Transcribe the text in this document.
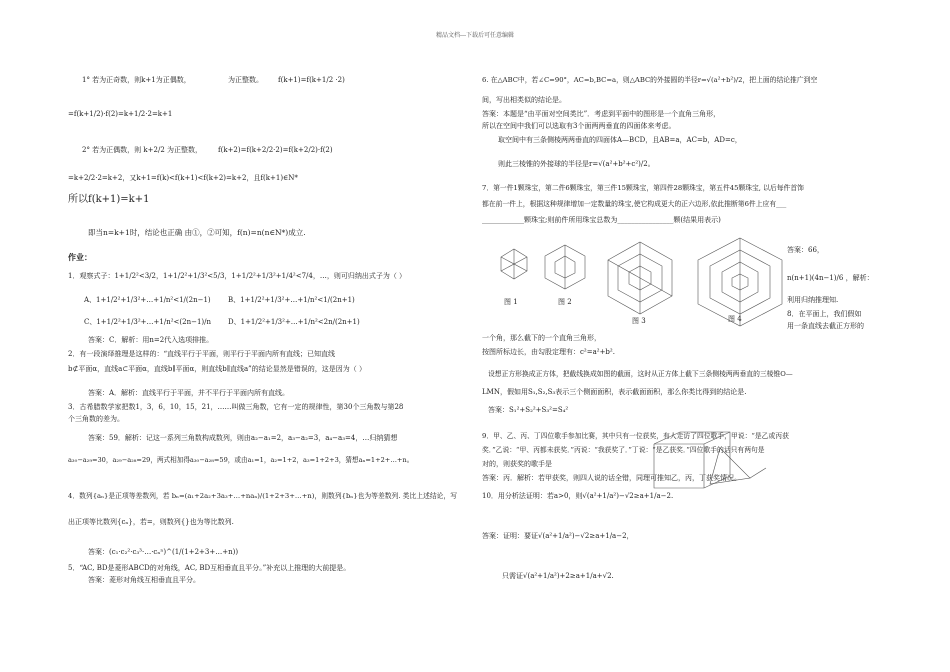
精品文档---下载后可任意编辑
1° 若为正奇数，则k+1为正偶数，	为正整数。 f(k+1)=f(k+1/2 ·2)
=f(k+1/2)·f(2)=k+1/2·2=k+1
2° 若为正偶数，则 k+2/2 为正整数， f(k+2)=f(k+2/2·2)=f(k+2/2)·f(2)
=k+2/2·2=k+2，又k+1=f(k)<f(k+1)<f(k+2)=k+2，且f(k+1)∈N*
所以f(k+1)=k+1
即当n=k+1时，结论也正确 由①，②可知，f(n)=n(n∈N*)成立.
作业：
1．观察式子：1+1/2²<3/2，1+1/2²+1/3²<5/3，1+1/2²+1/3²+1/4²<7/4，…，则可归纳出式子为（ ）
A、1+1/2²+1/3²+…+1/n²<1/(2n−1) B、1+1/2²+1/3²+…+1/n²<1/(2n+1)
C、1+1/2²+1/3²+…+1/n²<(2n−1)/n D、1+1/2²+1/3²+…+1/n²<2n/(2n+1)
答案：C．解析：用n=2代入选项排推。
2．有一段演绎推理是这样的：“直线平行于平面，则平行于平面内所有直线；已知直线
b⊄平面α，直线a⊂平面α，直线b∥平面α，则直线b∥直线a”的结论显然是错误的，这是因为（ ）
答案：A．解析：直线平行于平面，并不平行于平面内所有直线。
3．古希腊数学家把数1，3，6，10，15，21，……叫做三角数，它有一定的规律性，第30个三角数与第28
个三角数的差为。
答案：59．解析：记这一系列三角数构成数列，则由a₂−a₁=2，a₃−a₂=3，a₄−a₃=4，…归纳猜想
a₃₀−a₂₉=30，a₂₉−a₂₈=29，两式相加得a₃₀−a₂₈=59，或由a₁=1，a₂=1+2，a₃=1+2+3，猜想aₙ=1+2+…+n。
4．数列{aₙ}是正项等差数列，若 bₙ=(a₁+2a₂+3a₃+…+naₙ)/(1+2+3+…+n)，则数列{bₙ}也为等差数列. 类比上述结论，写
出正项等比数列{cₙ}，若=，则数列{}也为等比数列.
答案：(c₁·c₂²·c₃³·…·cₙⁿ)^(1/(1+2+3+…+n))
5．“AC, BD是菱形ABCD的对角线，AC, BD互相垂直且平分。”补充以上推理的大前提是。
答案：菱形对角线互相垂直且平分。
6. 在△ABC中，若∠C=90°，AC=b,BC=a，则△ABC的外接圆的半径r=√(a²+b²)/2，把上面的结论推广到空
间，写出相类似的结论是。
答案：本题是“由平面对空间类比”．考虑到平面中的图形是一个直角三角形，
所以在空间中我们可以选取有3个面两两垂直的四面体来考虑。
取空间中有三条侧棱两两垂直的四面体A—BCD，且AB=a，AC=b，AD=c，
则此三棱锥的外接球的半径是r=√(a²+b²+c²)/2。
7．第一件1颗珠宝，第二件6颗珠宝，第三件15颗珠宝，第四件28颗珠宝，第五件45颗珠宝, 以后每件首饰
都在前一件上，根据这种规律增加一定数量的珠宝,使它构成更大的正六边形,依此推断第6件上应有___
____________颗珠宝;则前件所用珠宝总数为________________颗(结果用表示)
图 1	图 2
图 3	图 4
答案：66，
n(n+1)(4n−1)/6 ，解析：
利用归纳推理知.
8．在平面上，我们假如
用一条直线去截正方形的
一个角，那么截下的一个直角三角形，
按图所标边长，由勾股定理有：c²=a²+b².
设想正方形换成正方体，把截线换成如图的截面，这时从正方体上截下三条侧棱两两垂直的三棱锥O—
LMN，假如用S₁,S₂,S₃表示三个侧面面积，表示截面面积，那么你类比得到的结论是.
答案：S₁²+S₂²+S₃²=S₄²
9．甲、乙、丙、丁四位歌手参加比赛，其中只有一位获奖，有人走访了四位歌手，甲说：“是乙或丙获
奖．”乙说：“甲、丙都未获奖．”丙说：“我获奖了．”丁说：“是乙获奖．”四位歌手的话只有两句是
对的，则获奖的歌手是
答案：丙．解析：若甲获奖，则四人说的话全错，同理可推知乙，丙，丁获奖情况。
10．用分析法证明：若a>0，则√(a²+1/a²)−√2≥a+1/a−2.
答案：证明：要证√(a²+1/a²)−√2≥a+1/a−2，
只需证√(a²+1/a²)+2≥a+1/a+√2.
